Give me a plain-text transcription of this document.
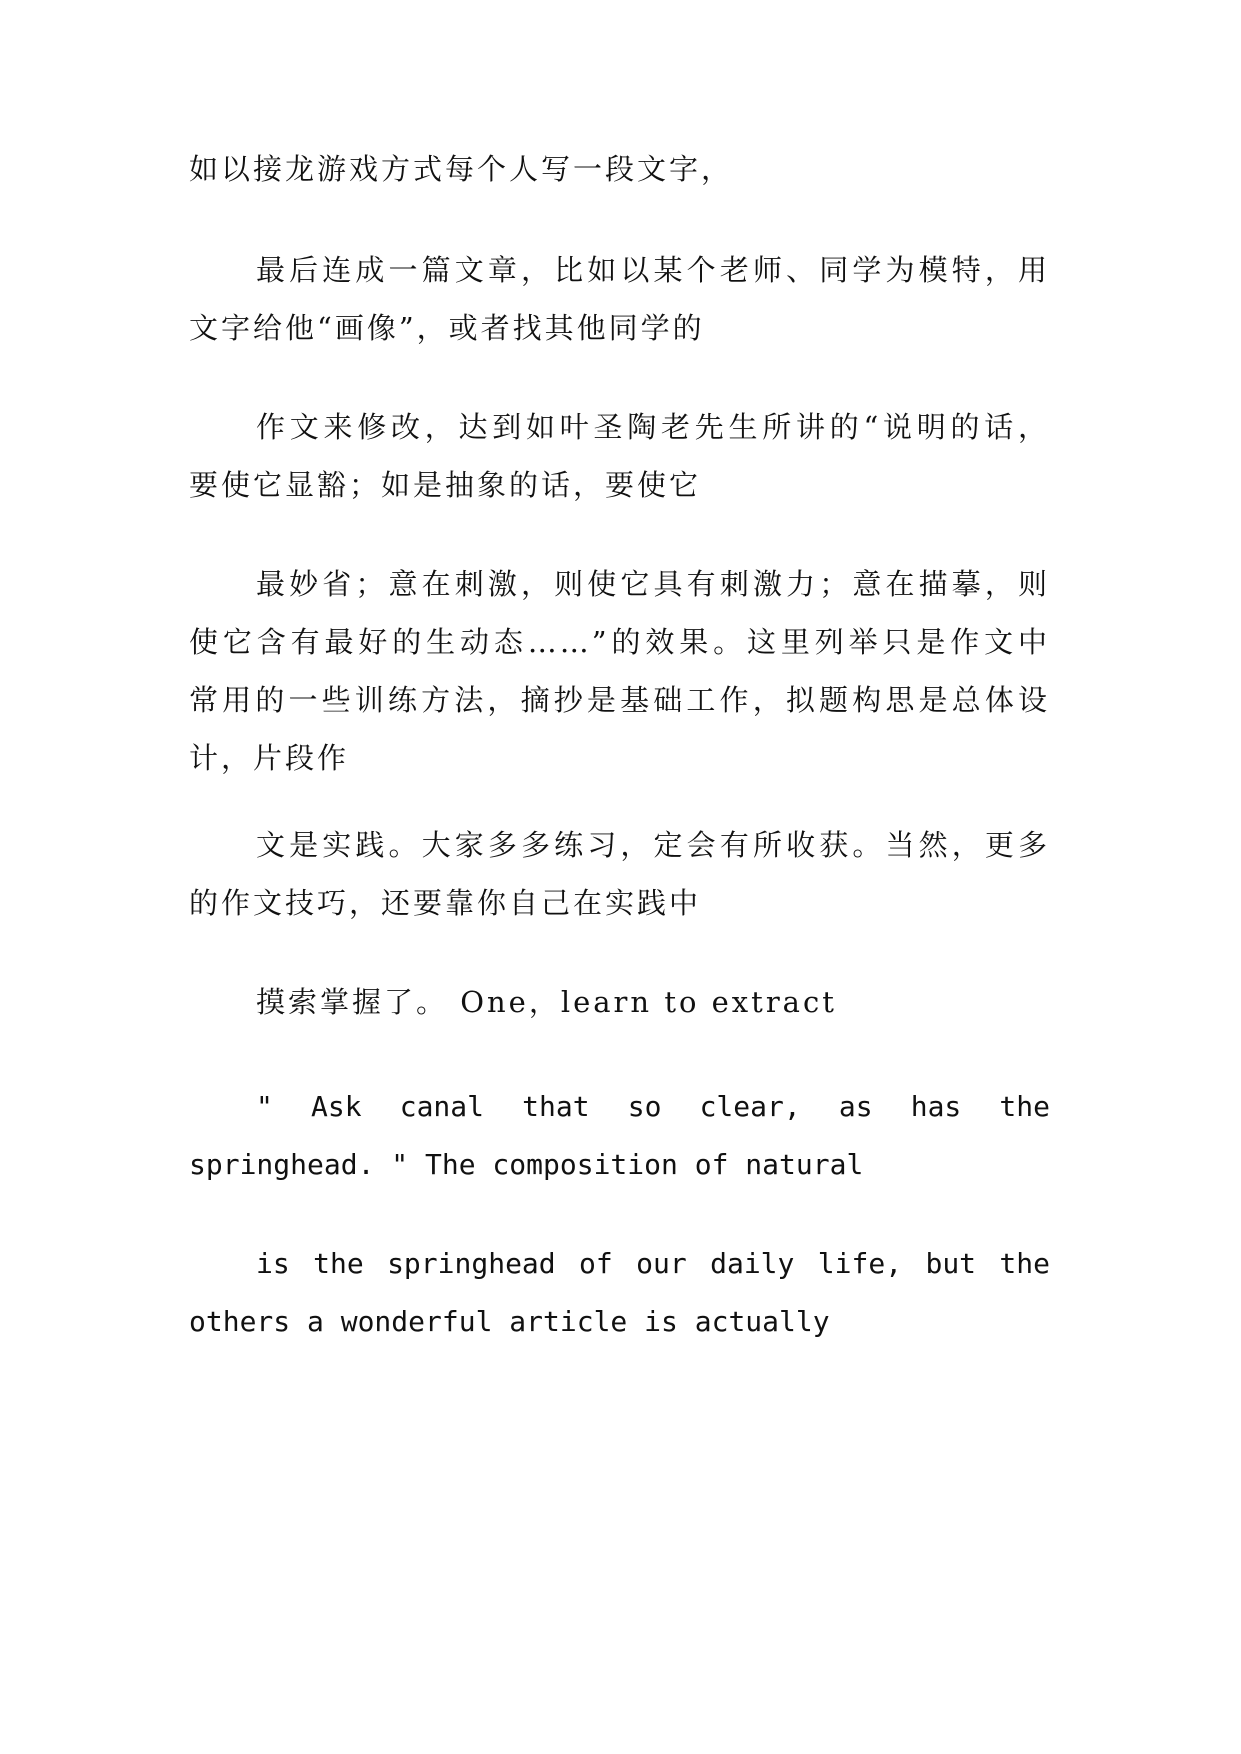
如以接龙游戏方式每个人写一段文字，

最后连成一篇文章，比如以某个老师、同学为模特，用
文字给他“画像”，或者找其他同学的

作文来修改，达到如叶圣陶老先生所讲的“说明的话，
要使它显豁；如是抽象的话，要使它

最妙省；意在刺激，则使它具有刺激力；意在描摹，则
使它含有最好的生动态……”的效果。这里列举只是作文中
常用的一些训练方法，摘抄是基础工作，拟题构思是总体设
计，片段作

文是实践。大家多多练习，定会有所收获。当然，更多
的作文技巧，还要靠你自己在实践中

摸索掌握了。 One，learn to extract

" Ask canal that so clear, as has the
springhead. " The composition of natural

is the springhead of our daily life, but the
others a wonderful article is actually
